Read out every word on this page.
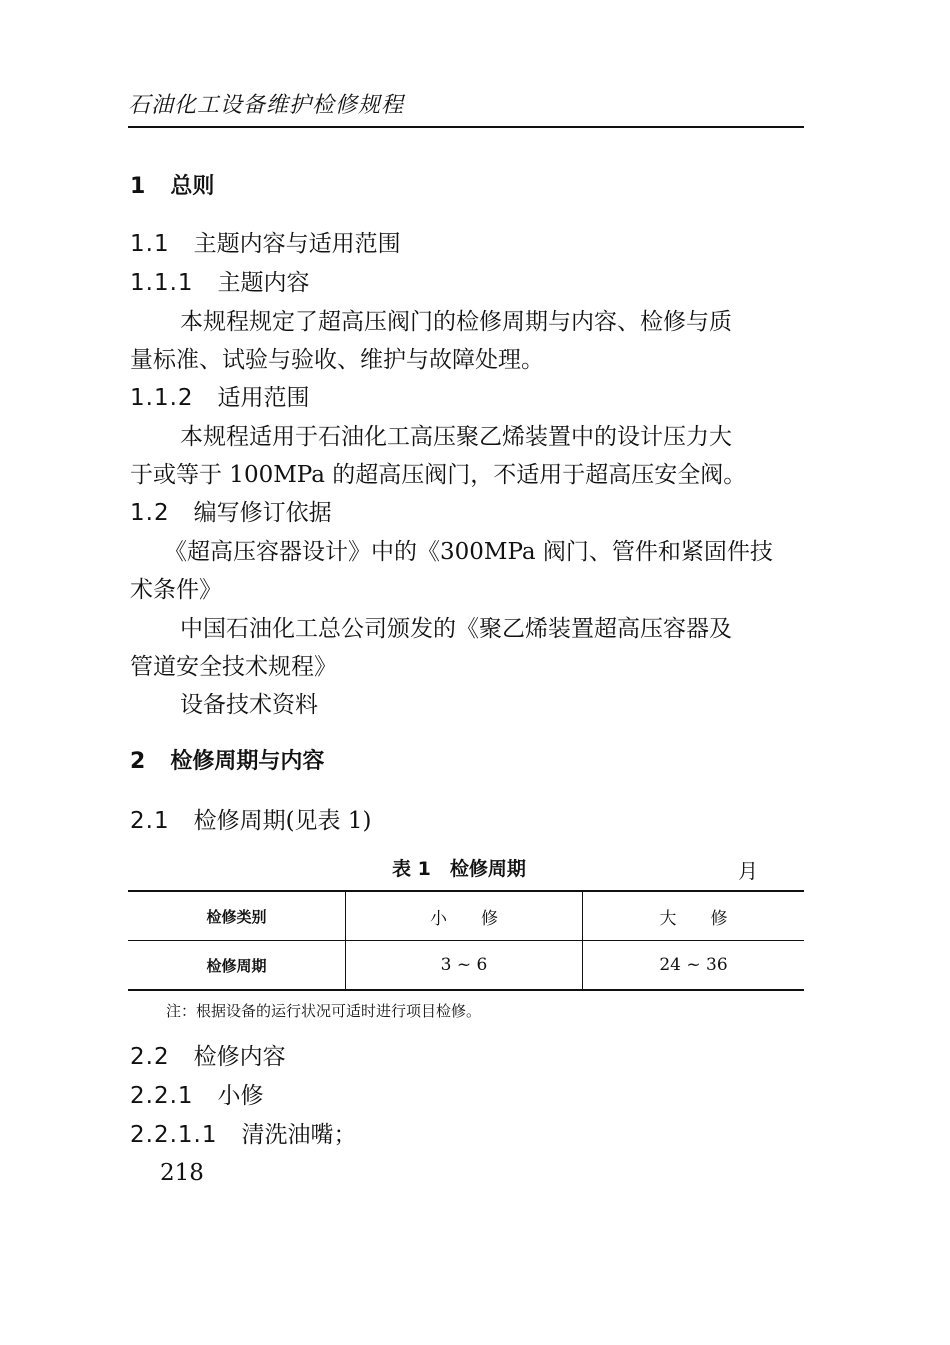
石油化工设备维护检修规程
1 总则
1.1 主题内容与适用范围
1.1.1 主题内容
本规程规定了超高压阀门的检修周期与内容、检修与质
量标准、试验与验收、维护与故障处理。
1.1.2 适用范围
本规程适用于石油化工高压聚乙烯装置中的设计压力大
于或等于 100MPa 的超高压阀门，不适用于超高压安全阀。
1.2 编写修订依据
《超高压容器设计》中的《300MPa 阀门、管件和紧固件技
术条件》
中国石油化工总公司颁发的《聚乙烯装置超高压容器及
管道安全技术规程》
设备技术资料
2 检修周期与内容
2.1 检修周期(见表 1)
表 1　检修周期	月
检修类别	小　　修	大　　修
检修周期	3 ~ 6	24 ~ 36
注：根据设备的运行状况可适时进行项目检修。
2.2 检修内容
2.2.1 小修
2.2.1.1 清洗油嘴；
218
